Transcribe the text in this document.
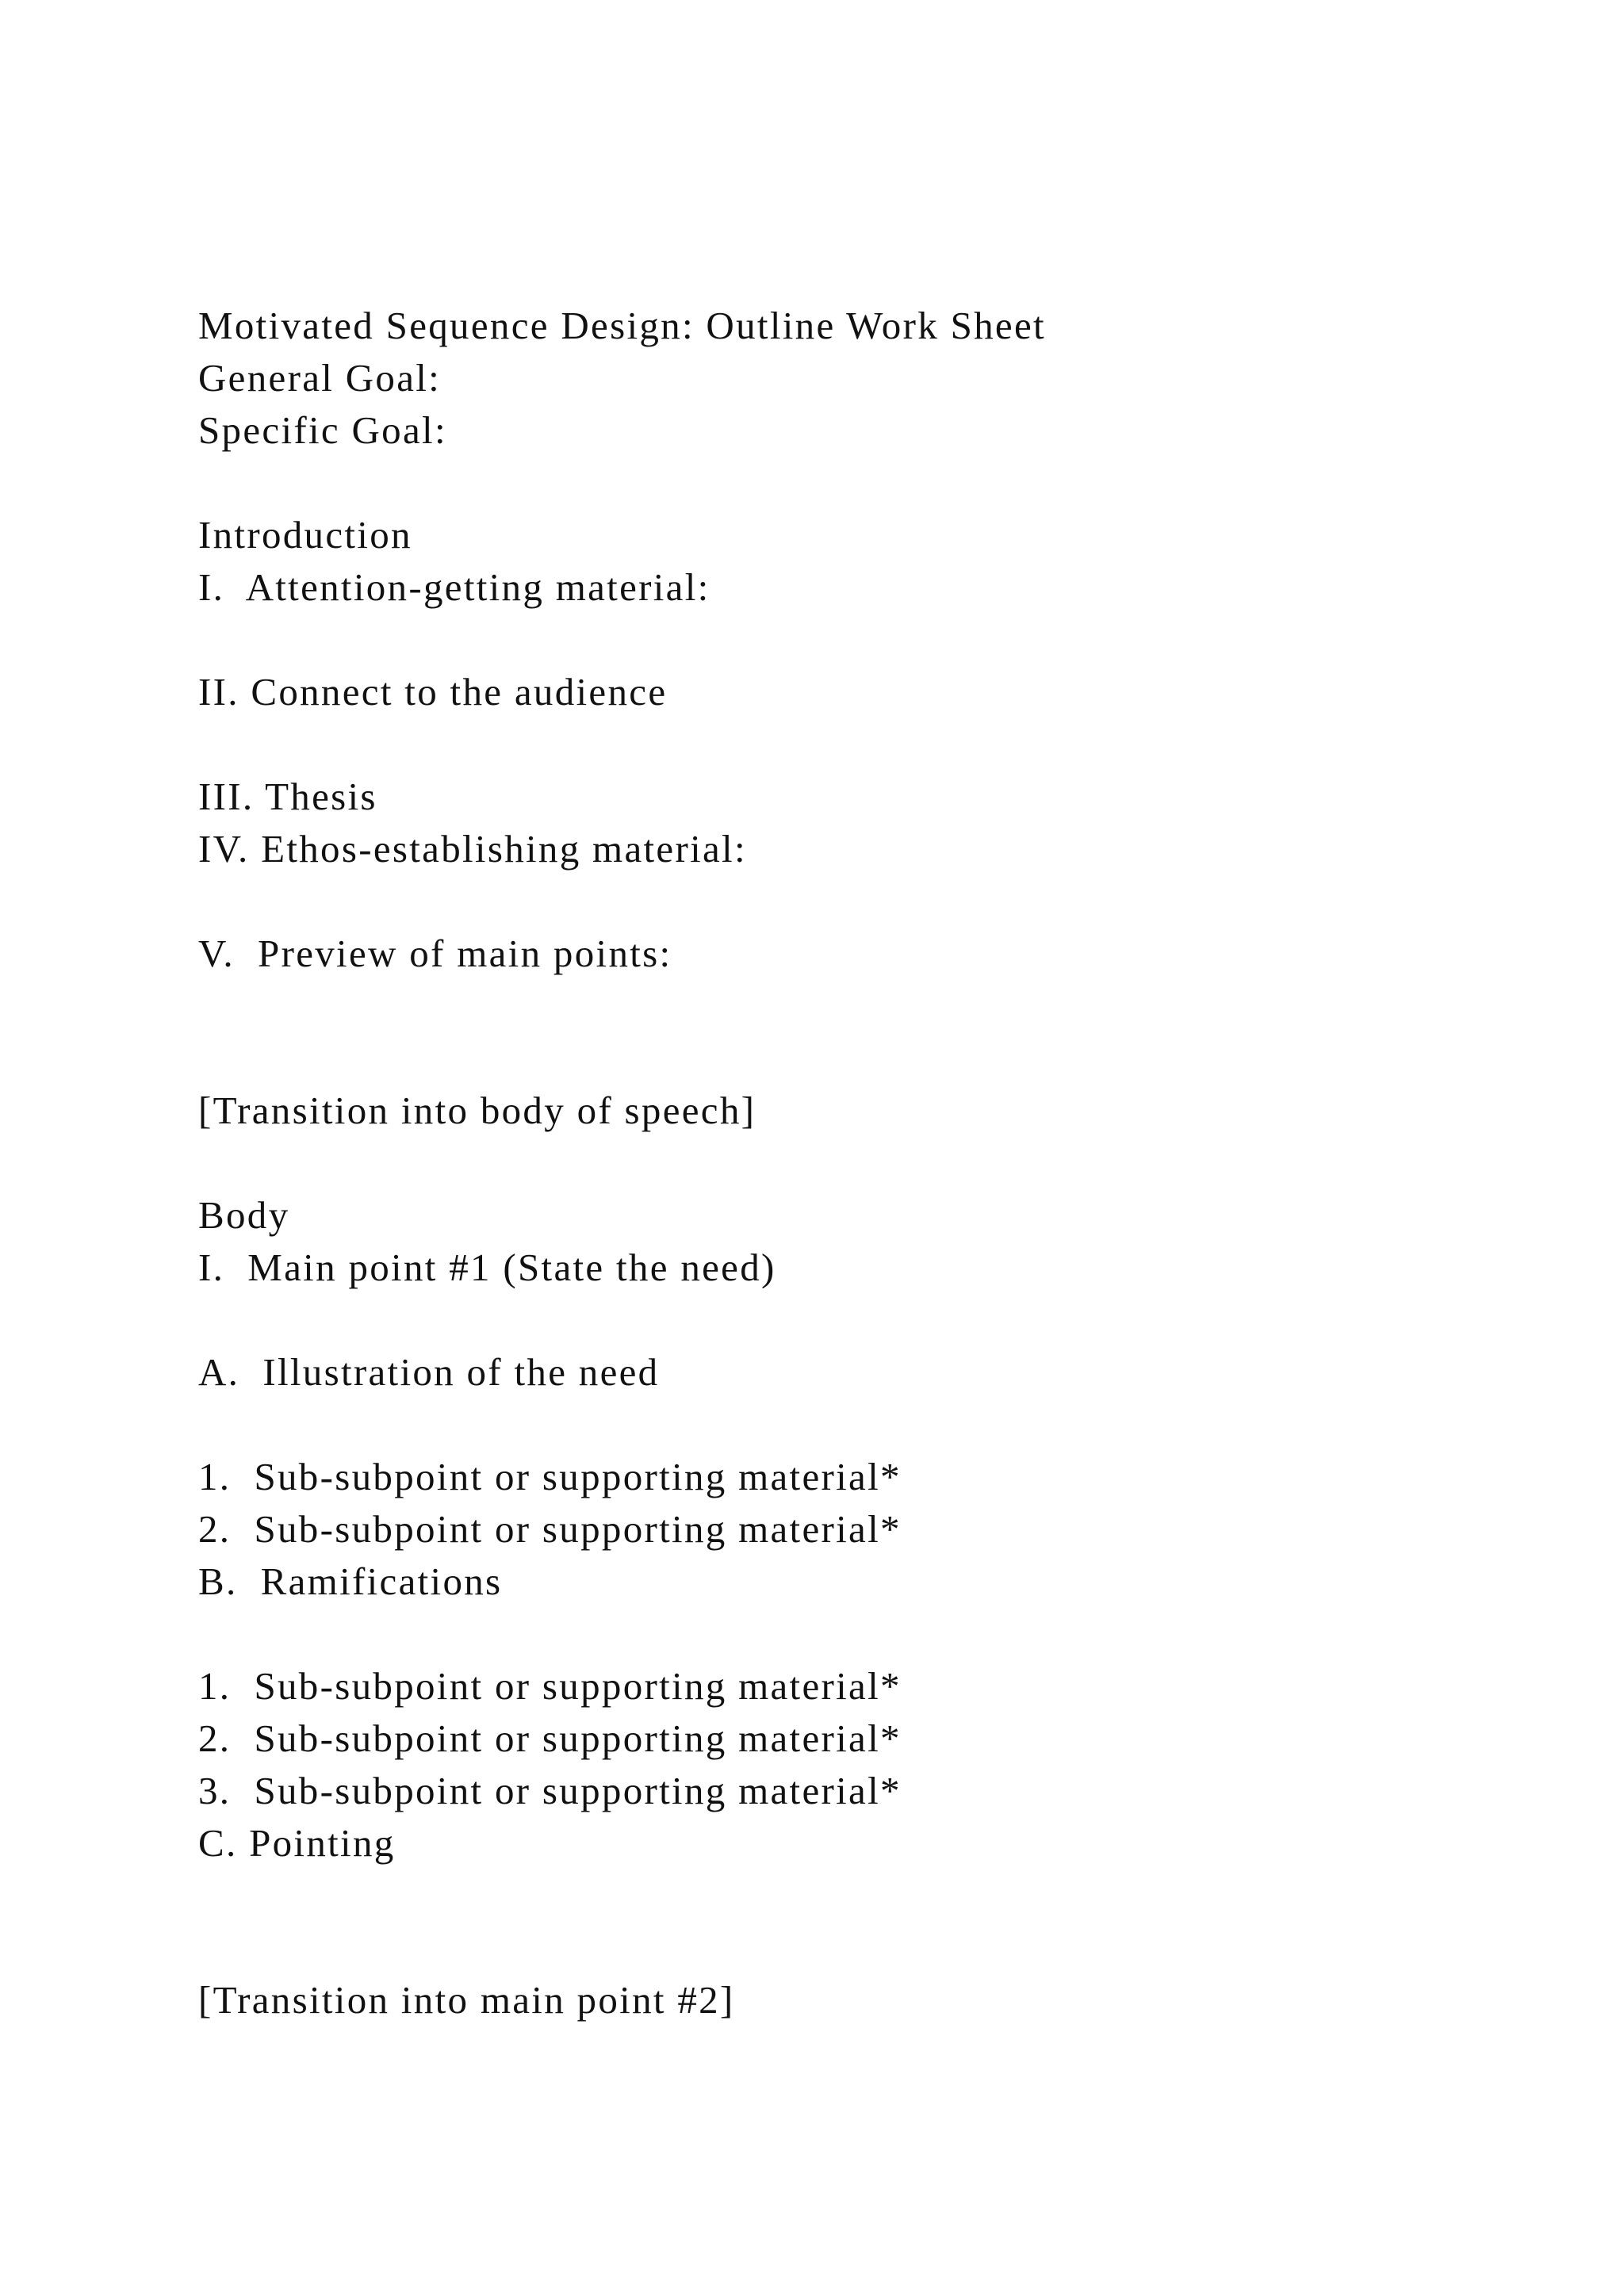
Motivated Sequence Design: Outline Work Sheet

General Goal:

Specific Goal:

Introduction

I.  Attention-getting material:

II. Connect to the audience

III. Thesis

IV. Ethos-establishing material:

V.  Preview of main points:

[Transition into body of speech]

Body

I.  Main point #1 (State the need)

A.  Illustration of the need

1.  Sub-subpoint or supporting material*

2.  Sub-subpoint or supporting material*

B.  Ramifications

1.  Sub-subpoint or supporting material*

2.  Sub-subpoint or supporting material*

3.  Sub-subpoint or supporting material*

C. Pointing

[Transition into main point #2]
